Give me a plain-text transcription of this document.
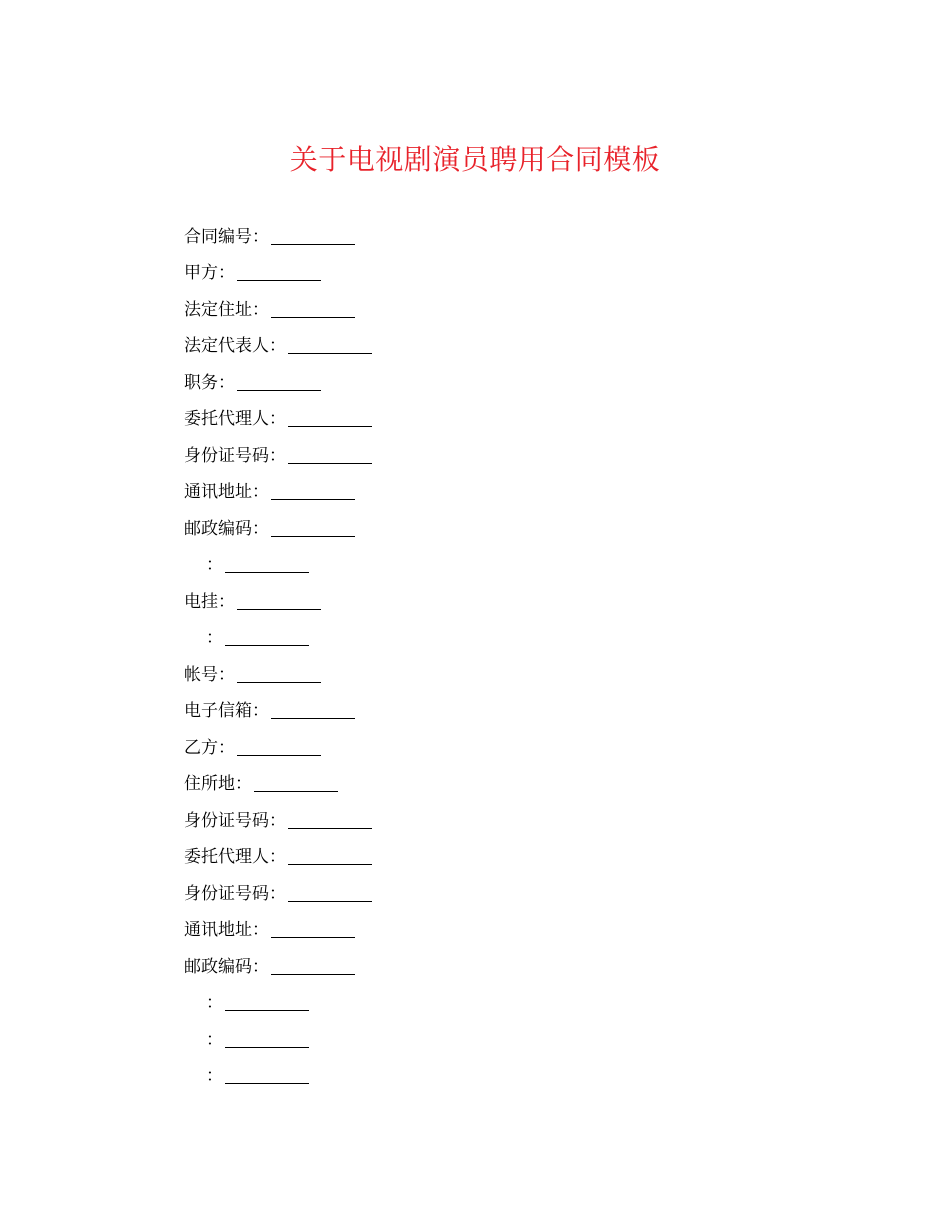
关于电视剧演员聘用合同模板
合同编号 ：
甲方 ：
法定住址 ：
法定代表人 ：
职务 ：
委托代理人 ：
身份证号码 ：
通讯地址 ：
邮政编码 ：
：
电挂 ：
：
帐号 ：
电子信箱 ：
乙方 ：
住所地 ：
身份证号码 ：
委托代理人 ：
身份证号码 ：
通讯地址 ：
邮政编码 ：
：
：
：
